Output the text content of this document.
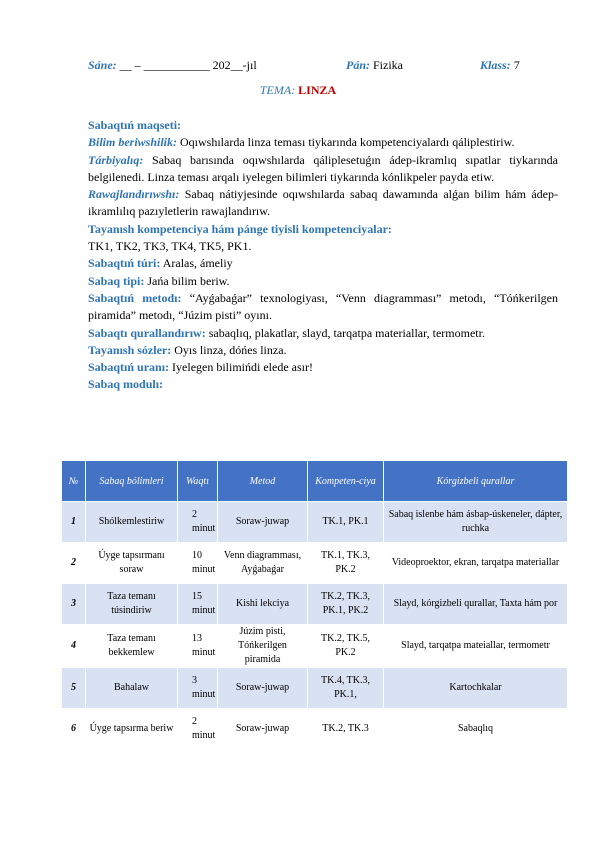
Sáne: __ – ___________ 202__-jıl	Pán: Fizika	Klass: 7
TEMA: LINZA

Sabaqtıń maqseti:

Bilim beriwshilik: Oqıwshılarda linza teması tiykarında kompetenciyalardı qáliplestiriw.

Tárbiyalıq: Sabaq barısında oqıwshılarda qáliplesetuǵın ádep-ikramlıq sıpatlar tiykarında belgilenedi. Linza teması arqalı iyelegen bilimleri tiykarında kónlikpeler payda etiw.

Rawajlandırıwshı: Sabaq nátiyjesinde oqıwshılarda sabaq dawamında alǵan bilim hám ádep-ikramlılıq pazıyletlerin rawajlandırıw.

Tayanısh kompetenciya hám pánge tiyisli kompetenciyalar:

TK1, TK2, TK3, TK4, TK5, PK1.

Sabaqtıń túri: Aralas, ámeliy

Sabaq tipi: Jańa bilim beriw.

Sabaqtıń metodı: “Ayǵabaǵar” texnologiyası, “Venn diagramması” metodı, “Tóńkerilgen piramida” metodı, “Júzim pisti” oyını.

Sabaqtı qurallandırıw: sabaqlıq, plakatlar, slayd, tarqatpa materiallar, termometr.

Tayanısh sózler: Oyıs linza, dóńes linza.

Sabaqtıń uranı: Iyelegen bilimińdi elede asır!

Sabaq modulı:

№	Sabaq bólimleri	Waqtı	Metod	Kompeten-ciya	Kórgizbeli qurallar
1	Shólkemlestiriw	2 minut	Soraw-juwap	TK.1, PK.1	Sabaq islenbe hám ásbap-úskeneler, dápter, ruchka
2	Úyge tapsırmanı soraw	10 minut	Venn diagramması, Ayǵabaǵar	TK.1, TK.3, PK.2	Videoproektor, ekran, tarqatpa materiallar
3	Taza temanı túsindiriw	15 minut	Kishi lekciya	TK.2, TK.3, PK.1, PK.2	Slayd, kórgizbeli qurallar, Taxta hám por
4	Taza temanı bekkemlew	13 minut	Júzim pisti, Tóńkerilgen piramida	TK.2, TK.5, PK.2	Slayd, tarqatpa mateiallar, termometr
5	Bahalaw	3 minut	Soraw-juwap	TK.4, TK.3, PK.1,	Kartochkalar
6	Úyge tapsırma beriw	2 minut	Soraw-juwap	TK.2, TK.3	Sabaqlıq
